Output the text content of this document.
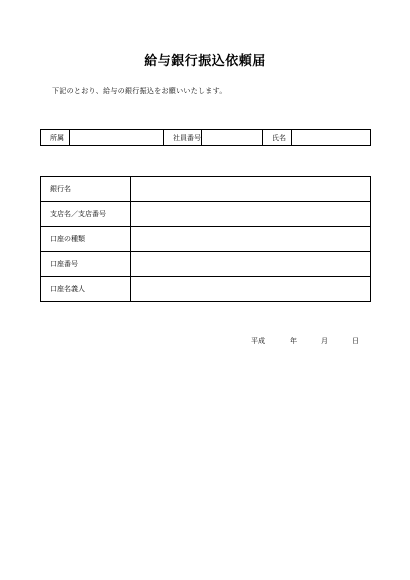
給与銀行振込依頼届
下記のとおり、給与の銀行振込をお願いいたします。
所属		社員番号		氏名	
銀行名	
支店名／支店番号	
口座の種類	
口座番号	
口座名義人	
平成	年	月	日
